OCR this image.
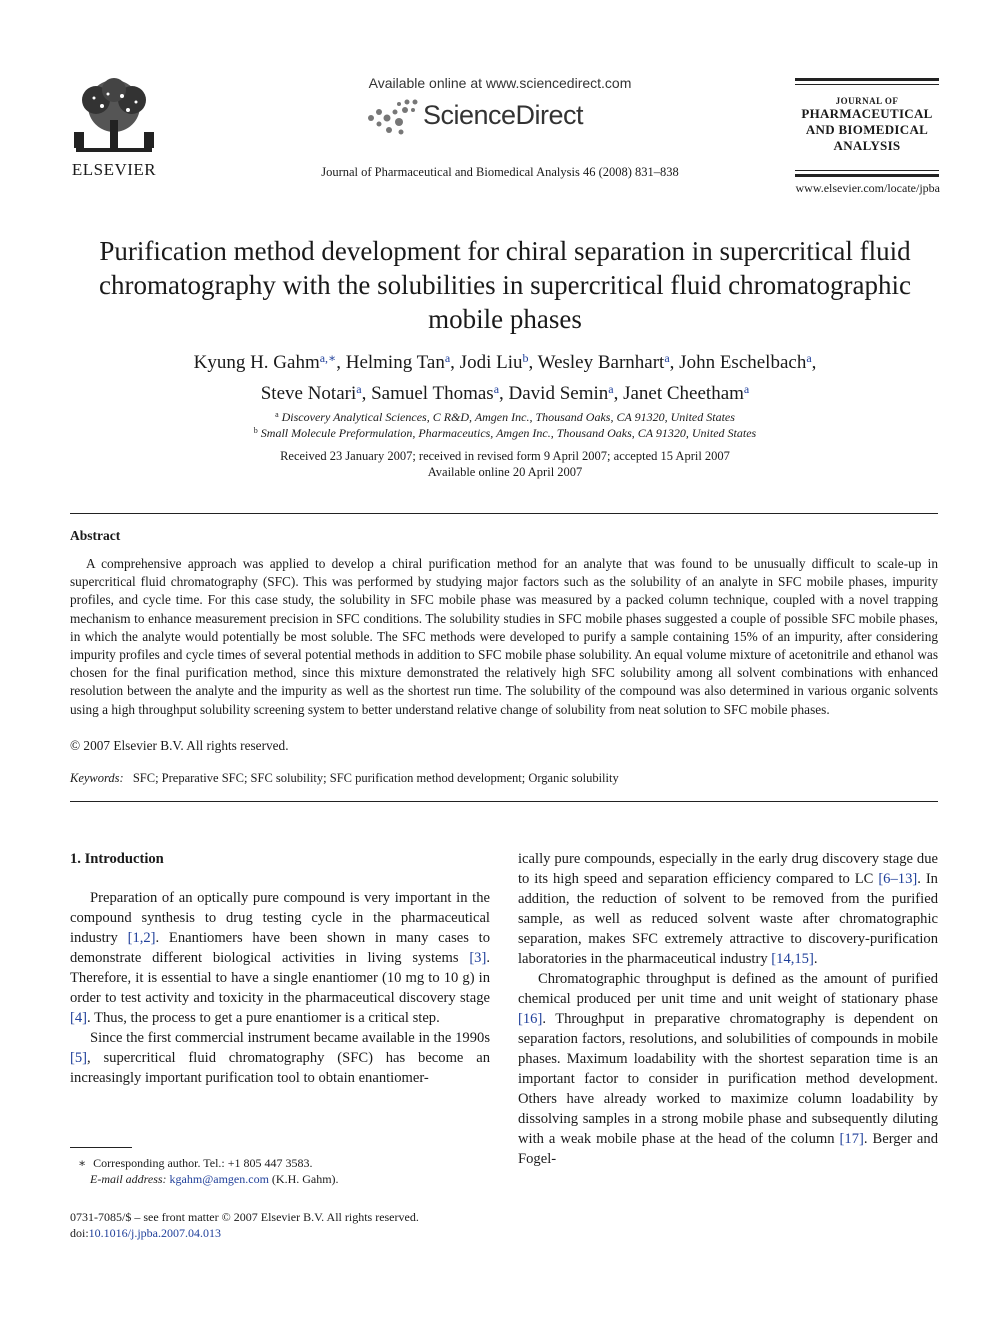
ELSEVIER
Available online at www.sciencedirect.com
ScienceDirect
Journal of Pharmaceutical and Biomedical Analysis 46 (2008) 831–838
JOURNAL OF
PHARMACEUTICAL
AND BIOMEDICAL
ANALYSIS
www.elsevier.com/locate/jpba
Purification method development for chiral separation in supercritical fluid chromatography with the solubilities in supercritical fluid chromatographic mobile phases
Kyung H. Gahm$^{a,∗}$, Helming Tan$^a$, Jodi Liu$^b$, Wesley Barnhart$^a$, John Eschelbach$^a$,
Steve Notari$^a$, Samuel Thomas$^a$, David Semin$^a$, Janet Cheetham$^a$
$^a$ Discovery Analytical Sciences, C R&D, Amgen Inc., Thousand Oaks, CA 91320, United States
$^b$ Small Molecule Preformulation, Pharmaceutics, Amgen Inc., Thousand Oaks, CA 91320, United States
Received 23 January 2007; received in revised form 9 April 2007; accepted 15 April 2007
Available online 20 April 2007
Abstract

A comprehensive approach was applied to develop a chiral purification method for an analyte that was found to be unusually difficult to scale-up in supercritical fluid chromatography (SFC). This was performed by studying major factors such as the solubility of an analyte in SFC mobile phases, impurity profiles, and cycle time. For this case study, the solubility in SFC mobile phase was measured by a packed column technique, coupled with a novel trapping mechanism to enhance measurement precision in SFC conditions. The solubility studies in SFC mobile phases suggested a couple of possible SFC mobile phases, in which the analyte would potentially be most soluble. The SFC methods were developed to purify a sample containing 15% of an impurity, after considering impurity profiles and cycle times of several potential methods in addition to SFC mobile phase solubility. An equal volume mixture of acetonitrile and ethanol was chosen for the final purification method, since this mixture demonstrated the relatively high SFC solubility among all solvent combinations with enhanced resolution between the analyte and the impurity as well as the shortest run time. The solubility of the compound was also determined in various organic solvents using a high throughput solubility screening system to better understand relative change of solubility from neat solution to SFC mobile phases.

© 2007 Elsevier B.V. All rights reserved.
Keywords: SFC; Preparative SFC; SFC solubility; SFC purification method development; Organic solubility

1. Introduction

Preparation of an optically pure compound is very important in the compound synthesis to drug testing cycle in the pharmaceutical industry [1,2]. Enantiomers have been shown in many cases to demonstrate different biological activities in living systems [3]. Therefore, it is essential to have a single enantiomer (10 mg to 10 g) in order to test activity and toxicity in the pharmaceutical discovery stage [4]. Thus, the process to get a pure enantiomer is a critical step.

Since the first commercial instrument became available in the 1990s [5], supercritical fluid chromatography (SFC) has become an increasingly important purification tool to obtain enantiomer-

ically pure compounds, especially in the early drug discovery stage due to its high speed and separation efficiency compared to LC [6–13]. In addition, the reduction of solvent to be removed from the purified sample, as well as reduced solvent waste after chromatographic separation, makes SFC extremely attractive to discovery-purification laboratories in the pharmaceutical industry [14,15].

Chromatographic throughput is defined as the amount of purified chemical produced per unit time and unit weight of stationary phase [16]. Throughput in preparative chromatography is dependent on separation factors, resolutions, and solubilities of compounds in mobile phases. Maximum loadability with the shortest separation time is an important factor to consider in purification method development. Others have already worked to maximize column loadability by dissolving samples in a strong mobile phase and subsequently diluting with a weak mobile phase at the head of the column [17]. Berger and Fogel-

∗ Corresponding author. Tel.: +1 805 447 3583.
E-mail address: kgahm@amgen.com (K.H. Gahm).
0731-7085/$ – see front matter © 2007 Elsevier B.V. All rights reserved.
doi:10.1016/j.jpba.2007.04.013
